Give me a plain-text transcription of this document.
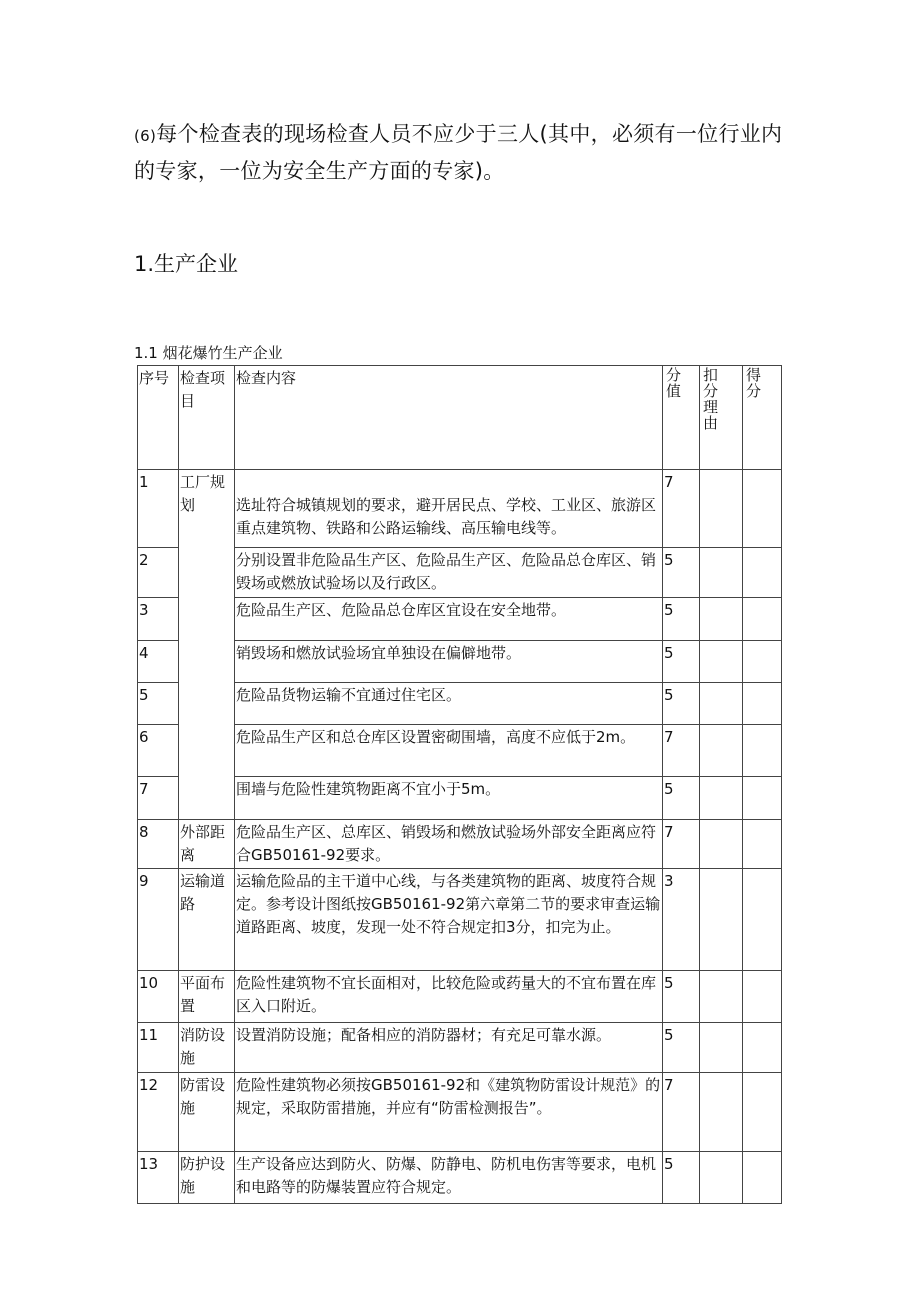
(6)每个检查表的现场检查人员不应少于三人(其中，必须有一位行业内的专家，一位为安全生产方面的专家)。
1.生产企业
1.1 烟花爆竹生产企业
序号	检查项目	检查内容	分值	扣分理由	得分

1	工厂规划	选址符合城镇规划的要求，避开居民点、学校、工业区、旅游区重点建筑物、铁路和公路运输线、高压输电线等。	7		
2		分别设置非危险品生产区、危险品生产区、危险品总仓库区、销毁场或燃放试验场以及行政区。	5		
3		危险品生产区、危险品总仓库区宜设在安全地带。	5		
4		销毁场和燃放试验场宜单独设在偏僻地带。	5		
5		危险品货物运输不宜通过住宅区。	5		
6		危险品生产区和总仓库区设置密砌围墙，高度不应低于2m。	7		
7		围墙与危险性建筑物距离不宜小于5m。	5		
8	外部距离	危险品生产区、总库区、销毁场和燃放试验场外部安全距离应符合GB50161-92要求。	7		
9	运输道路	运输危险品的主干道中心线，与各类建筑物的距离、坡度符合规定。参考设计图纸按GB50161-92第六章第二节的要求审查运输道路距离、坡度，发现一处不符合规定扣3分，扣完为止。	3		
10	平面布置	危险性建筑物不宜长面相对，比较危险或药量大的不宜布置在库区入口附近。	5		
11	消防设施	设置消防设施；配备相应的消防器材；有充足可靠水源。	5		
12	防雷设施	危险性建筑物必须按GB50161-92和《建筑物防雷设计规范》的规定，采取防雷措施，并应有“防雷检测报告”。	7		
13	防护设施	生产设备应达到防火、防爆、防静电、防机电伤害等要求，电机和电路等的防爆装置应符合规定。	5		
